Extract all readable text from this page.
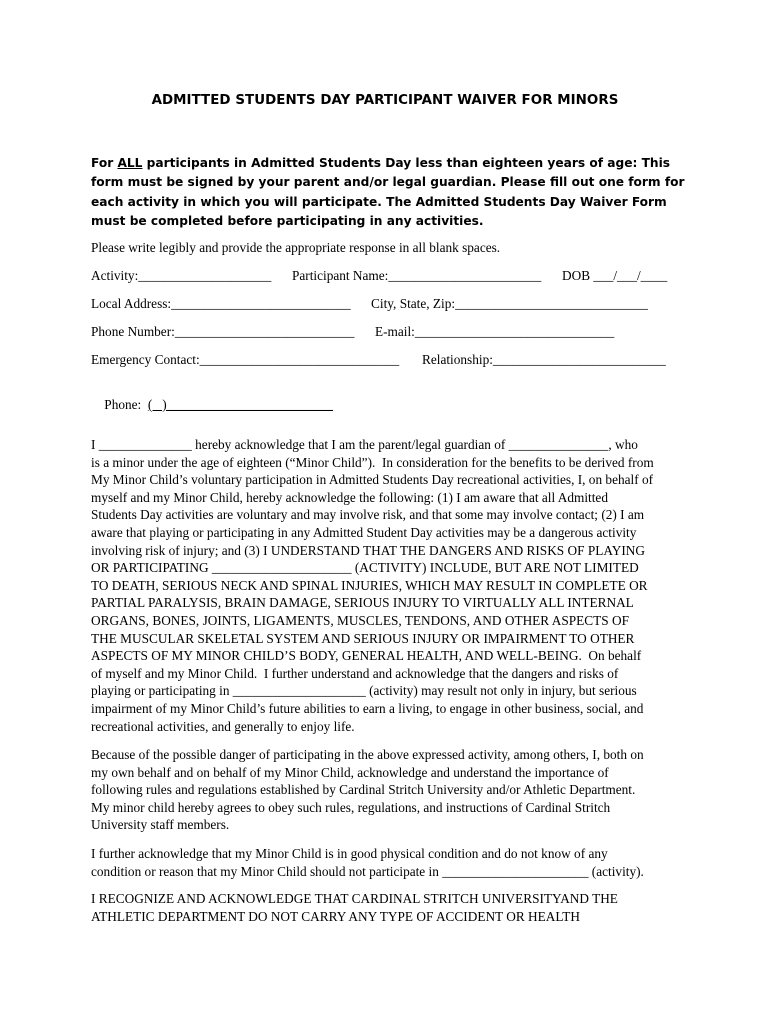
ADMITTED STUDENTS DAY PARTICIPANT WAIVER FOR MINORS
For ALL participants in Admitted Students Day less than eighteen years of age: This form must be signed by your parent and/or legal guardian. Please fill out one form for each activity in which you will participate. The Admitted Students Day Waiver Form must be completed before participating in any activities.
Please write legibly and provide the appropriate response in all blank spaces.
Activity:____________________ Participant Name:_______________________ DOB ___/___/____
Local Address:___________________________ City, State, Zip:_____________________________
Phone Number:___________________________ E-mail:______________________________
Emergency Contact:______________________________ Relationship:__________________________

Phone:  (   )_________________________

I ______________ hereby acknowledge that I am the parent/legal guardian of _______________, who
is a minor under the age of eighteen (“Minor Child”).  In consideration for the benefits to be derived from
My Minor Child’s voluntary participation in Admitted Students Day recreational activities, I, on behalf of
myself and my Minor Child, hereby acknowledge the following: (1) I am aware that all Admitted
Students Day activities are voluntary and may involve risk, and that some may involve contact; (2) I am
aware that playing or participating in any Admitted Student Day activities may be a dangerous activity
involving risk of injury; and (3) I UNDERSTAND THAT THE DANGERS AND RISKS OF PLAYING
OR PARTICIPATING _____________________ (ACTIVITY) INCLUDE, BUT ARE NOT LIMITED
TO DEATH, SERIOUS NECK AND SPINAL INJURIES, WHICH MAY RESULT IN COMPLETE OR
PARTIAL PARALYSIS, BRAIN DAMAGE, SERIOUS INJURY TO VIRTUALLY ALL INTERNAL
ORGANS, BONES, JOINTS, LIGAMENTS, MUSCLES, TENDONS, AND OTHER ASPECTS OF
THE MUSCULAR SKELETAL SYSTEM AND SERIOUS INJURY OR IMPAIRMENT TO OTHER
ASPECTS OF MY MINOR CHILD’S BODY, GENERAL HEALTH, AND WELL-BEING.  On behalf
of myself and my Minor Child.  I further understand and acknowledge that the dangers and risks of
playing or participating in ____________________ (activity) may result not only in injury, but serious
impairment of my Minor Child’s future abilities to earn a living, to engage in other business, social, and
recreational activities, and generally to enjoy life.
Because of the possible danger of participating in the above expressed activity, among others, I, both on
my own behalf and on behalf of my Minor Child, acknowledge and understand the importance of
following rules and regulations established by Cardinal Stritch University and/or Athletic Department.
My minor child hereby agrees to obey such rules, regulations, and instructions of Cardinal Stritch
University staff members.
I further acknowledge that my Minor Child is in good physical condition and do not know of any
condition or reason that my Minor Child should not participate in ______________________ (activity).
I RECOGNIZE AND ACKNOWLEDGE THAT CARDINAL STRITCH UNIVERSITYAND THE
ATHLETIC DEPARTMENT DO NOT CARRY ANY TYPE OF ACCIDENT OR HEALTH
